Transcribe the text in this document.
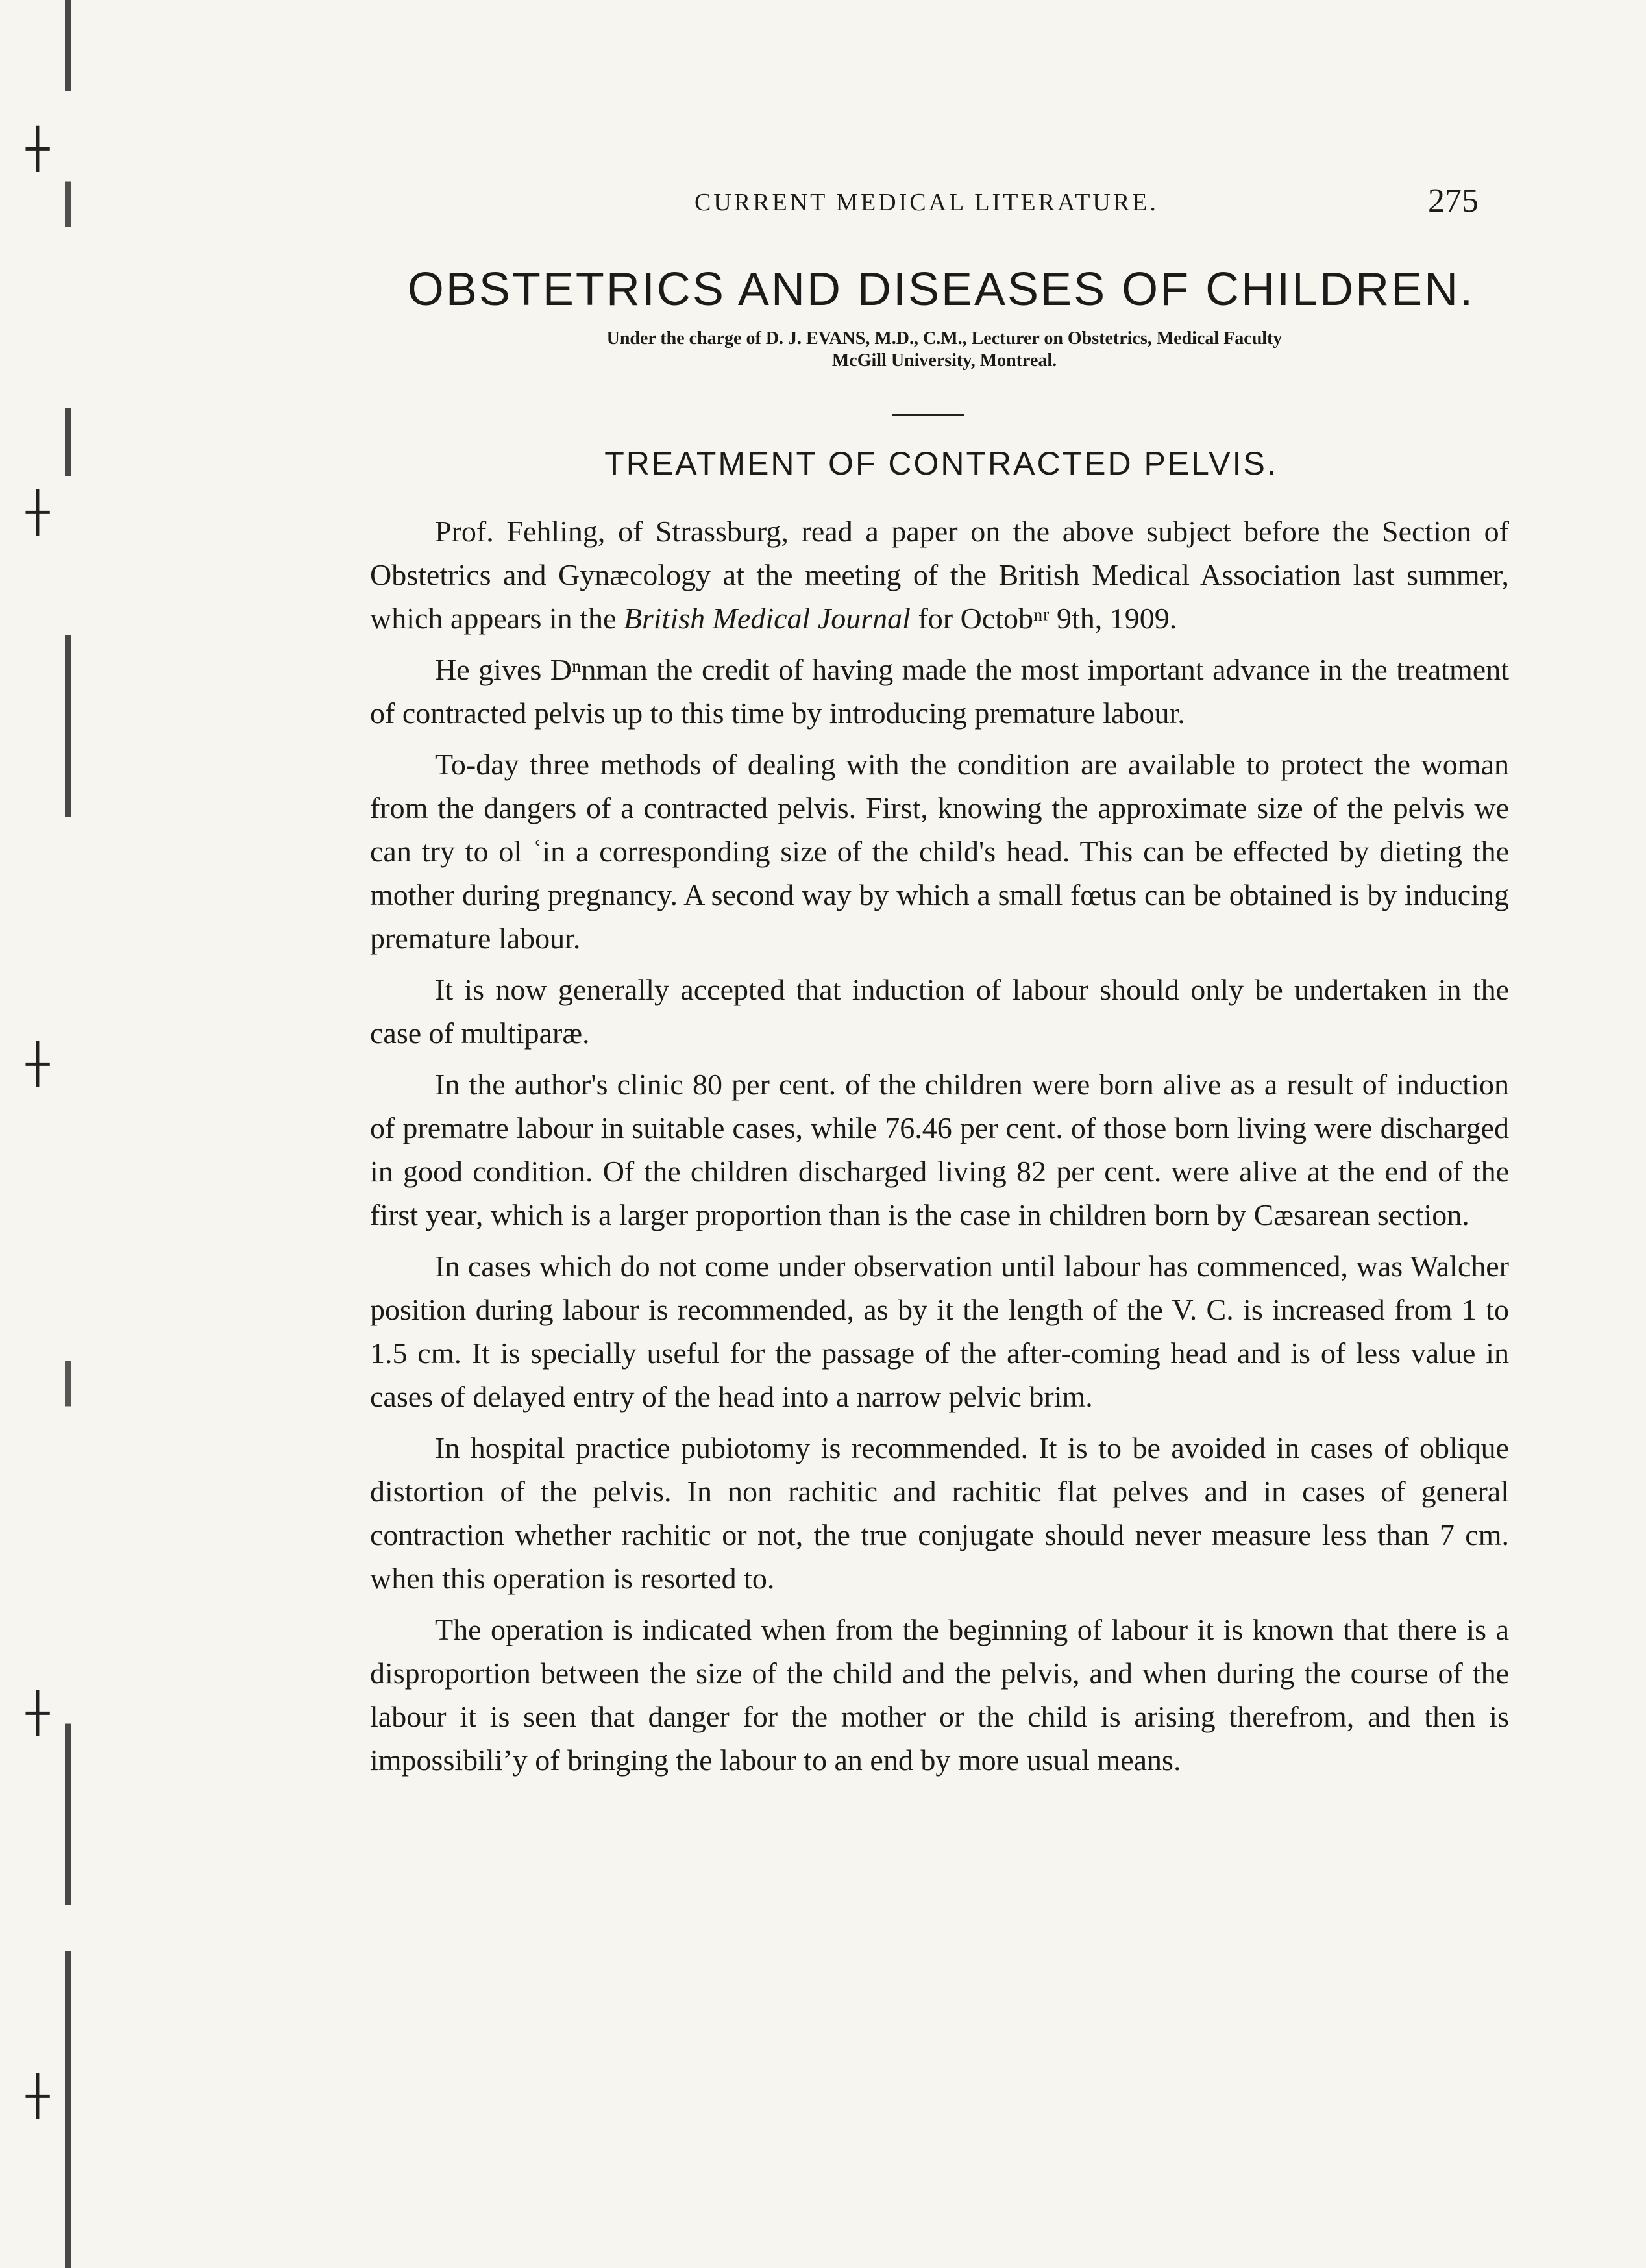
┼
┼
┼
┼
┼
CURRENT MEDICAL LITERATURE.	275
OBSTETRICS AND DISEASES OF CHILDREN.
Under the charge of D. J. EVANS, M.D., C.M., Lecturer on Obstetrics, Medical Faculty
McGill University, Montreal.
TREATMENT OF CONTRACTED PELVIS.

Prof. Fehling, of Strassburg, read a paper on the above subject before the Section of Obstetrics and Gynæcology at the meeting of the British Medical Association last summer, which appears in the British Medical Journal for Octobⁿʳ 9th, 1909.

He gives Dⁿnman the credit of having made the most important advance in the treatment of contracted pelvis up to this time by introducing premature labour.

To-day three methods of dealing with the condition are available to protect the woman from the dangers of a contracted pelvis. First, knowing the approximate size of the pelvis we can try to ol ʿin a corresponding size of the child's head. This can be effected by dieting the mother during pregnancy. A second way by which a small fœtus can be obtained is by inducing premature labour.

It is now generally accepted that induction of labour should only be undertaken in the case of multiparæ.

In the author's clinic 80 per cent. of the children were born alive as a result of induction of prematre labour in suitable cases, while 76.46 per cent. of those born living were discharged in good condition. Of the children discharged living 82 per cent. were alive at the end of the first year, which is a larger proportion than is the case in children born by Cæsarean section.

In cases which do not come under observation until labour has commenced, was Walcher position during labour is recommended, as by it the length of the V. C. is increased from 1 to 1.5 cm. It is specially useful for the passage of the after-coming head and is of less value in cases of delayed entry of the head into a narrow pelvic brim.

In hospital practice pubiotomy is recommended. It is to be avoided in cases of oblique distortion of the pelvis. In non rachitic and rachitic flat pelves and in cases of general contraction whether rachitic or not, the true conjugate should never measure less than 7 cm. when this operation is resorted to.

The operation is indicated when from the beginning of labour it is known that there is a disproportion between the size of the child and the pelvis, and when during the course of the labour it is seen that danger for the mother or the child is arising therefrom, and then is impossibiliʼy of bringing the labour to an end by more usual means.
